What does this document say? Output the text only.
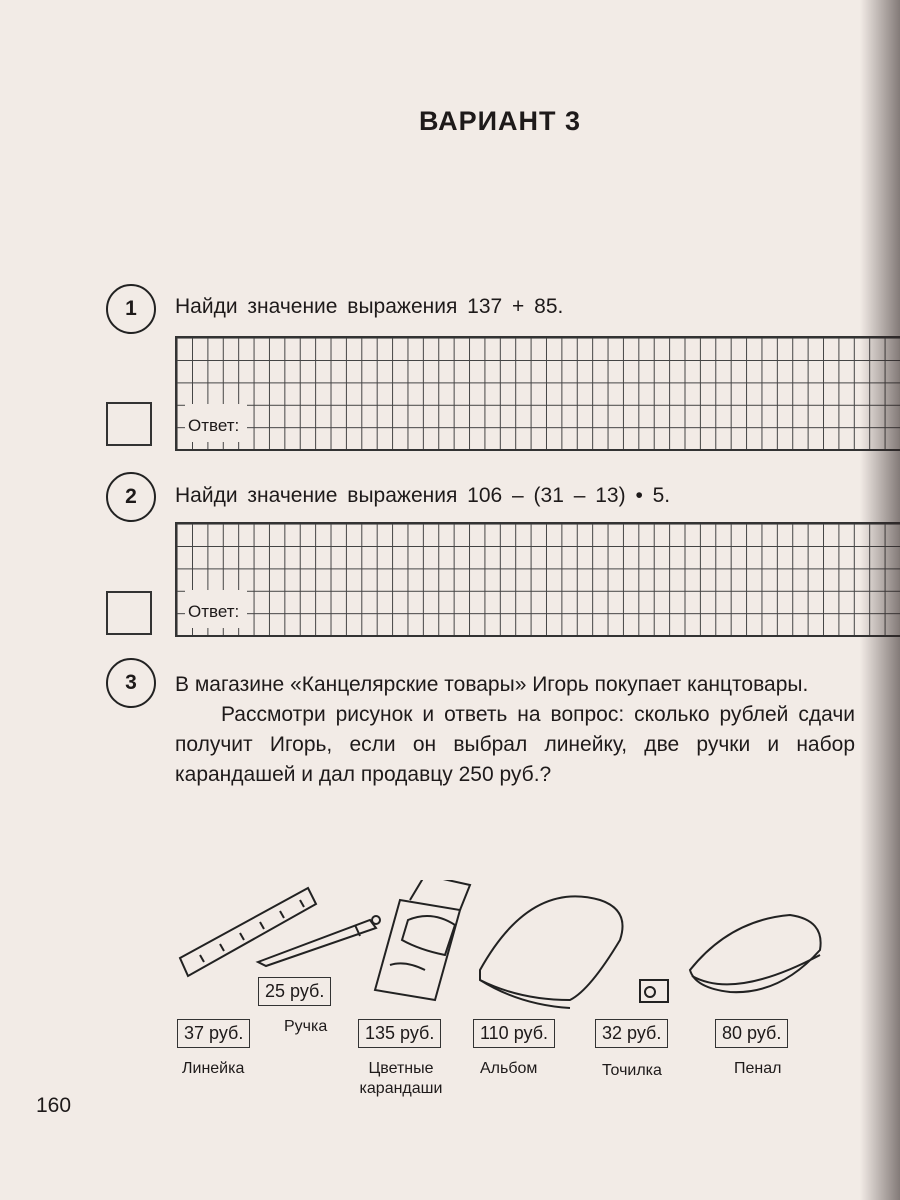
ВАРИАНТ 3
1	Найди значение выражения 137 + 85.
Ответ:
2	Найди значение выражения 106 – (31 – 13) • 5.
Ответ:
3	В магазине «Канцелярские товары» Игорь покупает канцтовары.
Рассмотри рисунок и ответь на вопрос: сколько рублей сдачи получит Игорь, если он выбрал линейку, две ручки и набор карандашей и дал продавцу 250 руб.?
25 руб.
Ручка
37 руб.
Линейка
135 руб.
Цветные карандаши
110 руб.
Альбом
32 руб.
Точилка
80 руб.
Пенал
160
